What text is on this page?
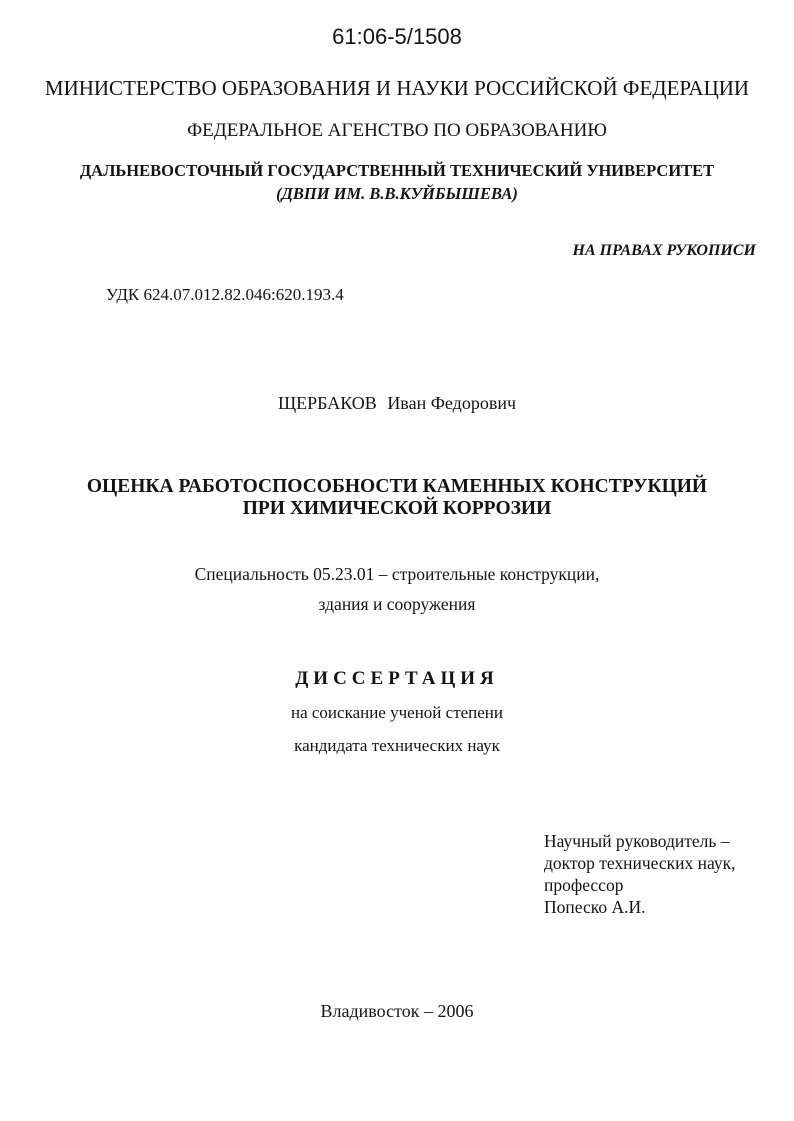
61:06-5/1508
МИНИСТЕРСТВО ОБРАЗОВАНИЯ И НАУКИ РОССИЙСКОЙ ФЕДЕРАЦИИ
ФЕДЕРАЛЬНОЕ АГЕНСТВО ПО ОБРАЗОВАНИЮ
ДАЛЬНЕВОСТОЧНЫЙ ГОСУДАРСТВЕННЫЙ ТЕХНИЧЕСКИЙ УНИВЕРСИТЕТ
(ДВПИ ИМ. В.В.КУЙБЫШЕВА)
НА ПРАВАХ РУКОПИСИ
УДК 624.07.012.82.046:620.193.4
ЩЕРБАКОВ Иван Федорович
ОЦЕНКА РАБОТОСПОСОБНОСТИ КАМЕННЫХ КОНСТРУКЦИЙ
ПРИ ХИМИЧЕСКОЙ КОРРОЗИИ
Специальность 05.23.01 – строительные конструкции,
здания и сооружения
ДИССЕРТАЦИЯ
на соискание ученой степени
кандидата технических наук
Научный руководитель –
доктор технических наук,
профессор
Попеско А.И.
Владивосток – 2006
